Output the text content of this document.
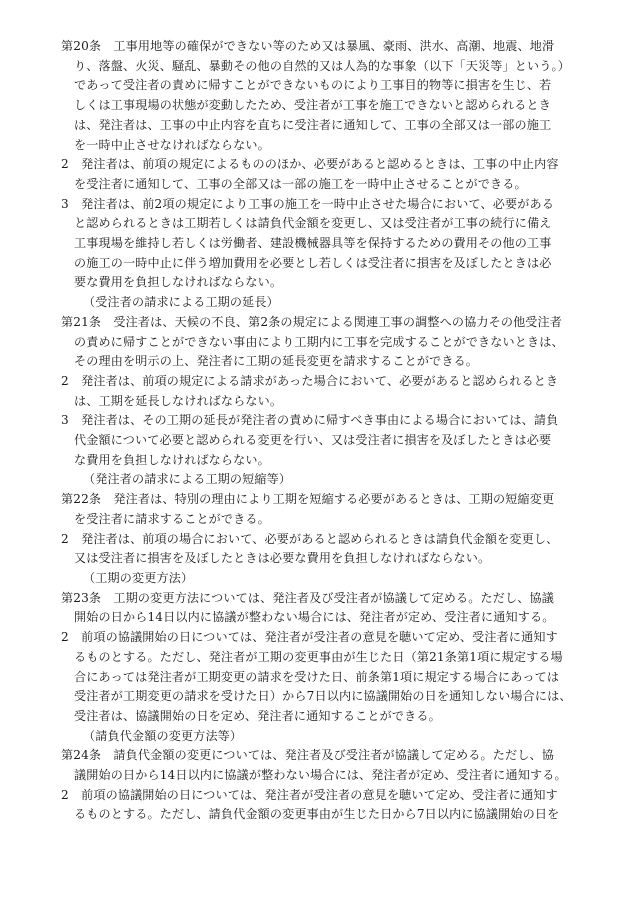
第20条　工事用地等の確保ができない等のため又は暴風、豪雨、洪水、高潮、地震、地滑
り、落盤、火災、騒乱、暴動その他の自然的又は人為的な事象（以下「天災等」という。）
であって受注者の責めに帰すことができないものにより工事目的物等に損害を生じ、若
しくは工事現場の状態が変動したため、受注者が工事を施工できないと認められるとき
は、発注者は、工事の中止内容を直ちに受注者に通知して、工事の全部又は一部の施工
を一時中止させなければならない。
2　発注者は、前項の規定によるもののほか、必要があると認めるときは、工事の中止内容
を受注者に通知して、工事の全部又は一部の施工を一時中止させることができる。
3　発注者は、前2項の規定により工事の施工を一時中止させた場合において、必要がある
と認められるときは工期若しくは請負代金額を変更し、又は受注者が工事の続行に備え
工事現場を維持し若しくは労働者、建設機械器具等を保持するための費用その他の工事
の施工の一時中止に伴う増加費用を必要とし若しくは受注者に損害を及ぼしたときは必
要な費用を負担しなければならない。
（受注者の請求による工期の延長）
第21条　受注者は、天候の不良、第2条の規定による関連工事の調整への協力その他受注者
の責めに帰すことができない事由により工期内に工事を完成することができないときは、
その理由を明示の上、発注者に工期の延長変更を請求することができる。
2　発注者は、前項の規定による請求があった場合において、必要があると認められるとき
は、工期を延長しなければならない。
3　発注者は、その工期の延長が発注者の責めに帰すべき事由による場合においては、請負
代金額について必要と認められる変更を行い、又は受注者に損害を及ぼしたときは必要
な費用を負担しなければならない。
（発注者の請求による工期の短縮等）
第22条　発注者は、特別の理由により工期を短縮する必要があるときは、工期の短縮変更
を受注者に請求することができる。
2　発注者は、前項の場合において、必要があると認められるときは請負代金額を変更し、
又は受注者に損害を及ぼしたときは必要な費用を負担しなければならない。
（工期の変更方法）
第23条　工期の変更方法については、発注者及び受注者が協議して定める。ただし、協議
開始の日から14日以内に協議が整わない場合には、発注者が定め、受注者に通知する。
2　前項の協議開始の日については、発注者が受注者の意見を聴いて定め、受注者に通知す
るものとする。ただし、発注者が工期の変更事由が生じた日（第21条第1項に規定する場
合にあっては発注者が工期変更の請求を受けた日、前条第1項に規定する場合にあっては
受注者が工期変更の請求を受けた日）から7日以内に協議開始の日を通知しない場合には、
受注者は、協議開始の日を定め、発注者に通知することができる。
（請負代金額の変更方法等）
第24条　請負代金額の変更については、発注者及び受注者が協議して定める。ただし、協
議開始の日から14日以内に協議が整わない場合には、発注者が定め、受注者に通知する。
2　前項の協議開始の日については、発注者が受注者の意見を聴いて定め、受注者に通知す
るものとする。ただし、請負代金額の変更事由が生じた日から7日以内に協議開始の日を
